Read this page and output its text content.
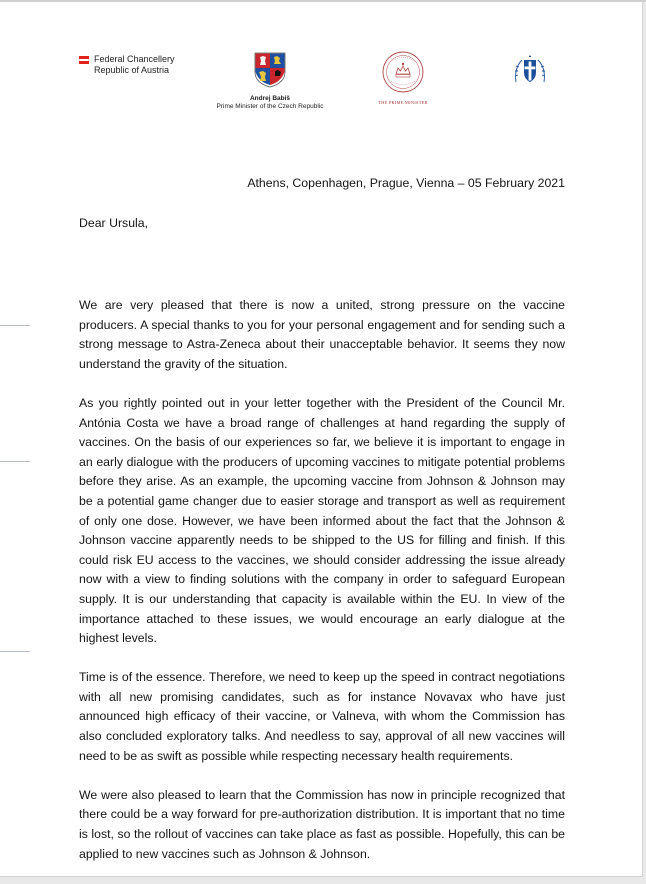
Federal Chancellery
Republic of Austria
Andrej Babiš
Prime Minister of the Czech Republic
THE PRIME MINISTER
Athens, Copenhagen, Prague, Vienna – 05 February 2021
Dear Ursula,

We are very pleased that there is now a united, strong pressure on the vaccine producers. A special thanks to you for your personal engagement and for sending such a strong message to Astra-Zeneca about their unacceptable behavior. It seems they now understand the gravity of the situation.

As you rightly pointed out in your letter together with the President of the Council Mr. Antónia Costa we have a broad range of challenges at hand regarding the supply of vaccines. On the basis of our experiences so far, we believe it is important to engage in an early dialogue with the producers of upcoming vaccines to mitigate potential problems before they arise. As an example, the upcoming vaccine from Johnson & Johnson may be a potential game changer due to easier storage and transport as well as requirement of only one dose. However, we have been informed about the fact that the Johnson & Johnson vaccine apparently needs to be shipped to the US for filling and finish. If this could risk EU access to the vaccines, we should consider addressing the issue already now with a view to finding solutions with the company in order to safeguard European supply. It is our understanding that capacity is available within the EU. In view of the importance attached to these issues, we would encourage an early dialogue at the highest levels.

Time is of the essence. Therefore, we need to keep up the speed in contract negotiations with all new promising candidates, such as for instance Novavax who have just announced high efficacy of their vaccine, or Valneva, with whom the Commission has also concluded exploratory talks. And needless to say, approval of all new vaccines will need to be as swift as possible while respecting necessary health requirements.

We were also pleased to learn that the Commission has now in principle recognized that there could be a way forward for pre-authorization distribution. It is important that no time is lost, so the rollout of vaccines can take place as fast as possible. Hopefully, this can be applied to new vaccines such as Johnson & Johnson.
